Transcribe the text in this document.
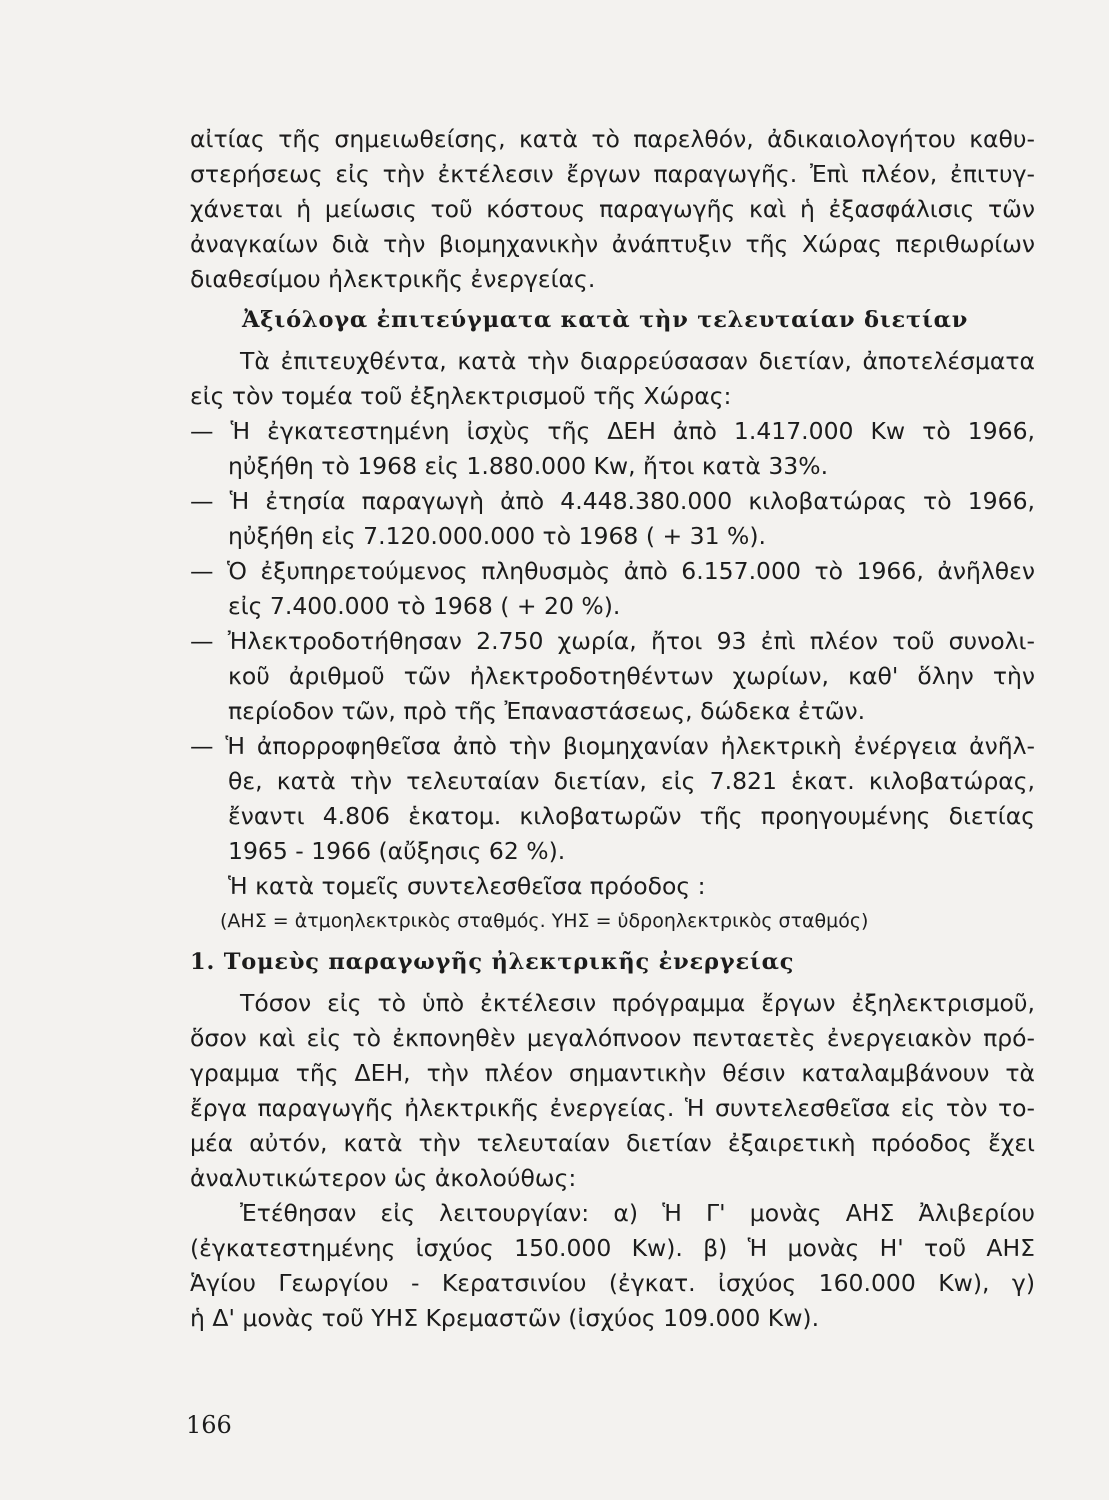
αἰτίας τῆς σημειωθείσης, κατὰ τὸ παρελθόν, ἀδικαιολογήτου καθυ-
στερήσεως εἰς τὴν ἐκτέλεσιν ἔργων παραγωγῆς. Ἐπὶ πλέον, ἐπιτυγ-
χάνεται ἡ μείωσις τοῦ κόστους παραγωγῆς καὶ ἡ ἐξασφάλισις τῶν
ἀναγκαίων διὰ τὴν βιομηχανικὴν ἀνάπτυξιν τῆς Χώρας περιθωρίων
διαθεσίμου ἠλεκτρικῆς ἐνεργείας.
Ἀξιόλογα ἐπιτεύγματα κατὰ τὴν τελευταίαν διετίαν
Τὰ ἐπιτευχθέντα, κατὰ τὴν διαρρεύσασαν διετίαν, ἀποτελέσματα
εἰς τὸν τομέα τοῦ ἐξηλεκτρισμοῦ τῆς Χώρας:
— Ἡ ἐγκατεστημένη ἰσχὺς τῆς ΔΕΗ ἀπὸ 1.417.000 Kw τὸ 1966,
ηὐξήθη τὸ 1968 εἰς 1.880.000 Kw, ἤτοι κατὰ 33%.
— Ἡ ἐτησία παραγωγὴ ἀπὸ 4.448.380.000 κιλοβατώρας τὸ 1966,
ηὐξήθη εἰς 7.120.000.000 τὸ 1968 ( + 31 %).
— Ὁ ἐξυπηρετούμενος πληθυσμὸς ἀπὸ 6.157.000 τὸ 1966, ἀνῆλθεν
εἰς 7.400.000 τὸ 1968 ( + 20 %).
— Ἠλεκτροδοτήθησαν 2.750 χωρία, ἤτοι 93 ἐπὶ πλέον τοῦ συνολι-
κοῦ ἀριθμοῦ τῶν ἠλεκτροδοτηθέντων χωρίων, καθ' ὅλην τὴν
περίοδον τῶν, πρὸ τῆς Ἐπαναστάσεως, δώδεκα ἐτῶν.
— Ἡ ἀπορροφηθεῖσα ἀπὸ τὴν βιομηχανίαν ἠλεκτρικὴ ἐνέργεια ἀνῆλ-
θε, κατὰ τὴν τελευταίαν διετίαν, εἰς 7.821 ἑκατ. κιλοβατώρας,
ἔναντι 4.806 ἑκατομ. κιλοβατωρῶν τῆς προηγουμένης διετίας
1965 - 1966 (αὔξησις 62 %).
Ἡ κατὰ τομεῖς συντελεσθεῖσα πρόοδος :
(ΑΗΣ = ἀτμοηλεκτρικὸς σταθμός. ΥΗΣ = ὑδροηλεκτρικὸς σταθμός)
1. Τομεὺς παραγωγῆς ἠλεκτρικῆς ἐνεργείας
Τόσον εἰς τὸ ὑπὸ ἐκτέλεσιν πρόγραμμα ἔργων ἐξηλεκτρισμοῦ,
ὅσον καὶ εἰς τὸ ἐκπονηθὲν μεγαλόπνοον πενταετὲς ἐνεργειακὸν πρό-
γραμμα τῆς ΔΕΗ, τὴν πλέον σημαντικὴν θέσιν καταλαμβάνουν τὰ
ἔργα παραγωγῆς ἠλεκτρικῆς ἐνεργείας. Ἡ συντελεσθεῖσα εἰς τὸν το-
μέα αὐτόν, κατὰ τὴν τελευταίαν διετίαν ἐξαιρετικὴ πρόοδος ἔχει
ἀναλυτικώτερον ὡς ἀκολούθως:
Ἐτέθησαν εἰς λειτουργίαν: α) Ἡ Γ' μονὰς ΑΗΣ Ἀλιβερίου
(ἐγκατεστημένης ἰσχύος 150.000 Kw). β) Ἡ μονὰς Η' τοῦ ΑΗΣ
Ἁγίου Γεωργίου - Κερατσινίου (ἐγκατ. ἰσχύος 160.000 Kw), γ)
ἡ Δ' μονὰς τοῦ ΥΗΣ Κρεμαστῶν (ἰσχύος 109.000 Kw).
166
